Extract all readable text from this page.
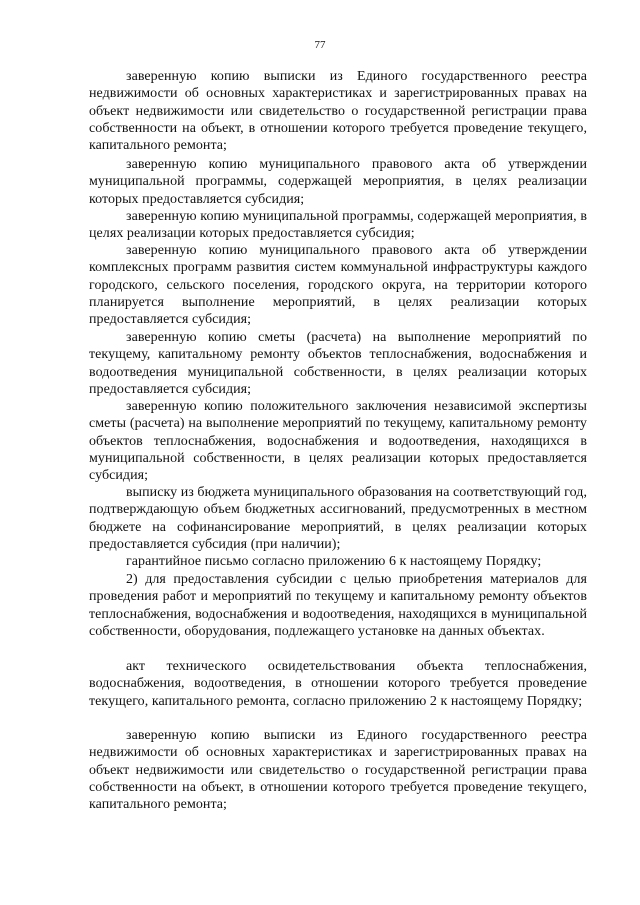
77

заверенную копию выписки из Единого государственного реестра недвижимости об основных характеристиках и зарегистрированных правах на объект недвижимости или свидетельство о государственной регистрации права собственности на объект, в отношении которого требуется проведение текущего, капитального ремонта;

заверенную копию муниципального правового акта об утверждении муниципальной программы, содержащей мероприятия, в целях реализации которых предоставляется субсидия;

заверенную копию муниципальной программы, содержащей мероприятия, в целях реализации которых предоставляется субсидия;

заверенную копию муниципального правового акта об утверждении комплексных программ развития систем коммунальной инфраструктуры каждого городского, сельского поселения, городского округа, на территории которого планируется выполнение мероприятий, в целях реализации которых предоставляется субсидия;

заверенную копию сметы (расчета) на выполнение мероприятий по текущему, капитальному ремонту объектов теплоснабжения, водоснабжения и водоотведения муниципальной собственности, в целях реализации которых предоставляется субсидия;

заверенную копию положительного заключения независимой экспертизы сметы (расчета) на выполнение мероприятий по текущему, капитальному ремонту объектов теплоснабжения, водоснабжения и водоотведения, находящихся в муниципальной собственности, в целях реализации которых предоставляется субсидия;

выписку из бюджета муниципального образования на соответствующий год, подтверждающую объем бюджетных ассигнований, предусмотренных в местном бюджете на софинансирование мероприятий, в целях реализации которых предоставляется субсидия (при наличии);

гарантийное письмо согласно приложению 6 к настоящему Порядку;

2) для предоставления субсидии с целью приобретения материалов для проведения работ и мероприятий по текущему и капитальному ремонту объектов теплоснабжения, водоснабжения и водоотведения, находящихся в муниципальной собственности, оборудования, подлежащего установке на данных объектах.

акт технического освидетельствования объекта теплоснабжения, водоснабжения, водоотведения, в отношении которого требуется проведение текущего, капитального ремонта, согласно приложению 2 к настоящему Порядку;

заверенную копию выписки из Единого государственного реестра недвижимости об основных характеристиках и зарегистрированных правах на объект недвижимости или свидетельство о государственной регистрации права собственности на объект, в отношении которого требуется проведение текущего, капитального ремонта;
